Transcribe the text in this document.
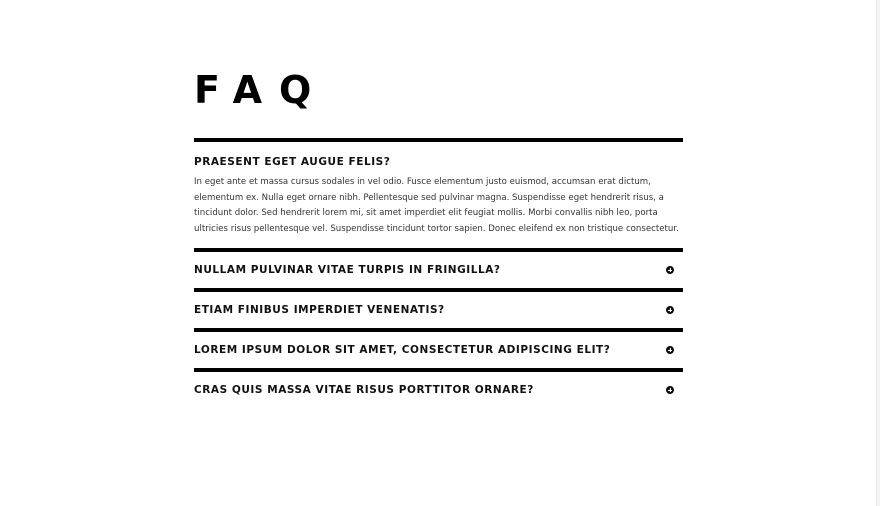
FAQ
PRAESENT EGET AUGUE FELIS?

In eget ante et massa cursus sodales in vel odio. Fusce elementum justo euismod, accumsan erat dictum, elementum ex. Nulla eget ornare nibh. Pellentesque sed pulvinar magna. Suspendisse eget hendrerit risus, a tincidunt dolor. Sed hendrerit lorem mi, sit amet imperdiet elit feugiat mollis. Morbi convallis nibh leo, porta ultricies risus pellentesque vel. Suspendisse tincidunt tortor sapien. Donec eleifend ex non tristique consectetur.

NULLAM PULVINAR VITAE TURPIS IN FRINGILLA?
ETIAM FINIBUS IMPERDIET VENENATIS?
LOREM IPSUM DOLOR SIT AMET, CONSECTETUR ADIPISCING ELIT?
CRAS QUIS MASSA VITAE RISUS PORTTITOR ORNARE?
